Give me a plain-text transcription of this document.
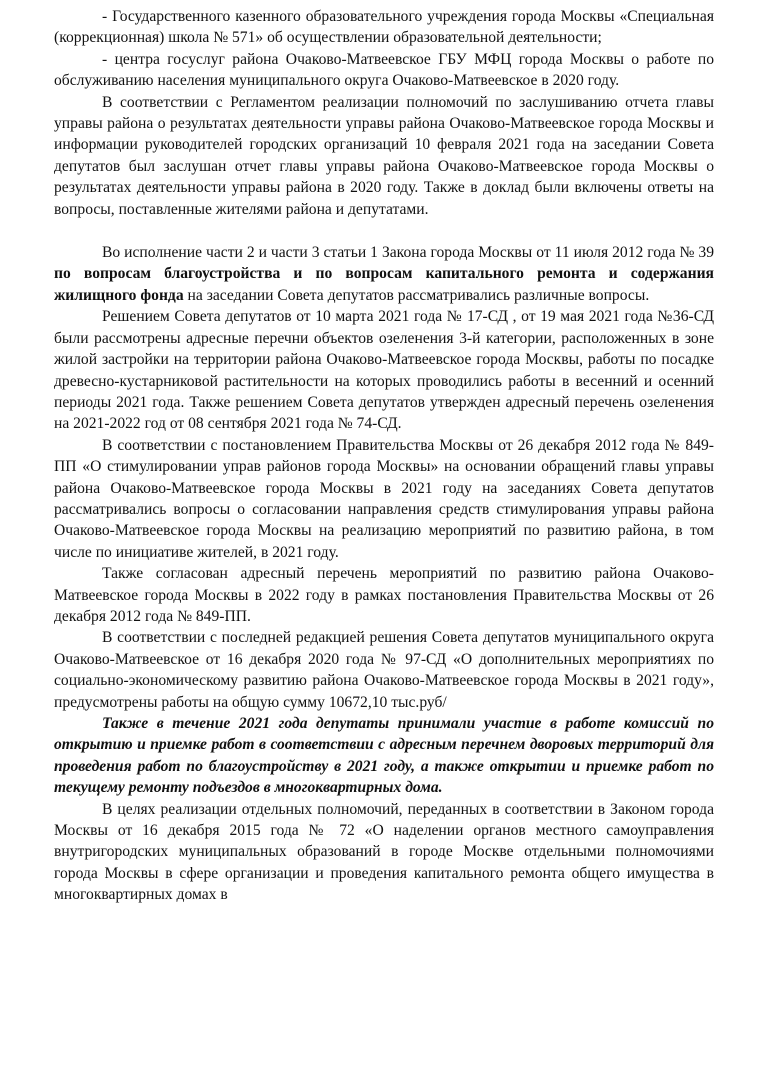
- Государственного казенного образовательного учреждения города Москвы «Специальная (коррекционная) школа № 571» об осуществлении образовательной деятельности;

- центра госуслуг района Очаково-Матвеевское ГБУ МФЦ города Москвы о работе по обслуживанию населения муниципального округа Очаково-Матвеевское в 2020 году.

В соответствии с Регламентом реализации полномочий по заслушиванию отчета главы управы района о результатах деятельности управы района Очаково-Матвеевское города Москвы и информации руководителей городских организаций 10 февраля 2021 года на заседании Совета депутатов был заслушан отчет главы управы района Очаково-Матвеевское города Москвы о результатах деятельности управы района в 2020 году. Также в доклад были включены ответы на вопросы, поставленные жителями района и депутатами.

Во исполнение части 2 и части 3 статьи 1 Закона города Москвы от 11 июля 2012 года № 39 по вопросам благоустройства и по вопросам капитального ремонта и содержания жилищного фонда на заседании Совета депутатов рассматривались различные вопросы.

Решением Совета депутатов от 10 марта 2021 года № 17-СД , от 19 мая 2021 года №36-СД были рассмотрены адресные перечни объектов озеленения 3-й категории, расположенных в зоне жилой застройки на территории района Очаково-Матвеевское города Москвы, работы по посадке древесно-кустарниковой растительности на которых проводились работы в весенний и осенний периоды 2021 года. Также решением Совета депутатов утвержден адресный перечень озеленения на 2021-2022 год от 08 сентября 2021 года № 74-СД.

В соответствии с постановлением Правительства Москвы от 26 декабря 2012 года № 849-ПП «О стимулировании управ районов города Москвы» на основании обращений главы управы района Очаково-Матвеевское города Москвы в 2021 году на заседаниях Совета депутатов рассматривались вопросы о согласовании направления средств стимулирования управы района Очаково-Матвеевское города Москвы на реализацию мероприятий по развитию района, в том числе по инициативе жителей, в 2021 году.

Также согласован адресный перечень мероприятий по развитию района Очаково-Матвеевское города Москвы в 2022 году в рамках постановления Правительства Москвы от 26 декабря 2012 года № 849-ПП.

В соответствии с последней редакцией решения Совета депутатов муниципального округа Очаково-Матвеевское от 16 декабря 2020 года № 97-СД «О дополнительных мероприятиях по социально-экономическому развитию района Очаково-Матвеевское города Москвы в 2021 году», предусмотрены работы на общую сумму 10672,10 тыс.руб/

Также в течение 2021 года депутаты принимали участие в работе комиссий по открытию и приемке работ в соответствии с адресным перечнем дворовых территорий для проведения работ по благоустройству в 2021 году, а также открытии и приемке работ по текущему ремонту подъездов в многоквартирных дома.

В целях реализации отдельных полномочий, переданных в соответствии в Законом города Москвы от 16 декабря 2015 года № 72 «О наделении органов местного самоуправления внутригородских муниципальных образований в городе Москве отдельными полномочиями города Москвы в сфере организации и проведения капитального ремонта общего имущества в многоквартирных домах в
